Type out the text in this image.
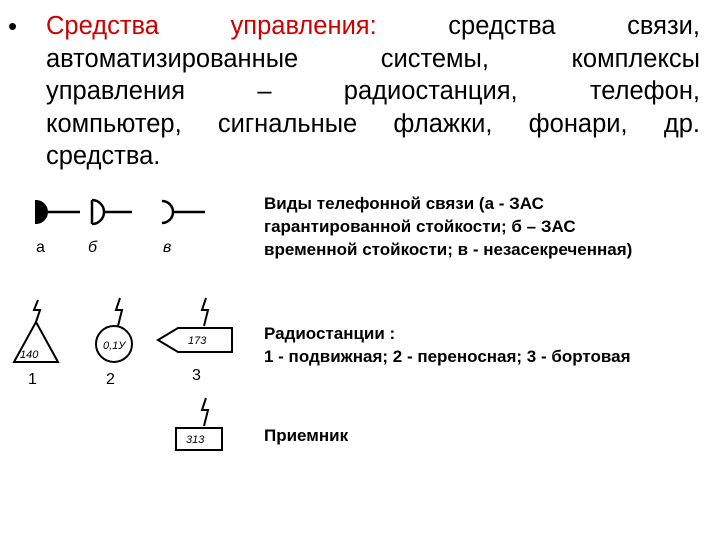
• Средства управления:	средства связи,
автоматизированные системы, комплексы
управления – радиостанция, телефон,
компьютер, сигнальные флажки, фонари, др.
средства.
а	б	в
140
1
0,1У
2
173
3
313
Виды телефонной связи (а - ЗАС
гарантированной стойкости; б – ЗАС
временной стойкости; в - незасекреченная)
Радиостанции :
1 - подвижная; 2 - переносная; 3 - бортовая
Приемник
